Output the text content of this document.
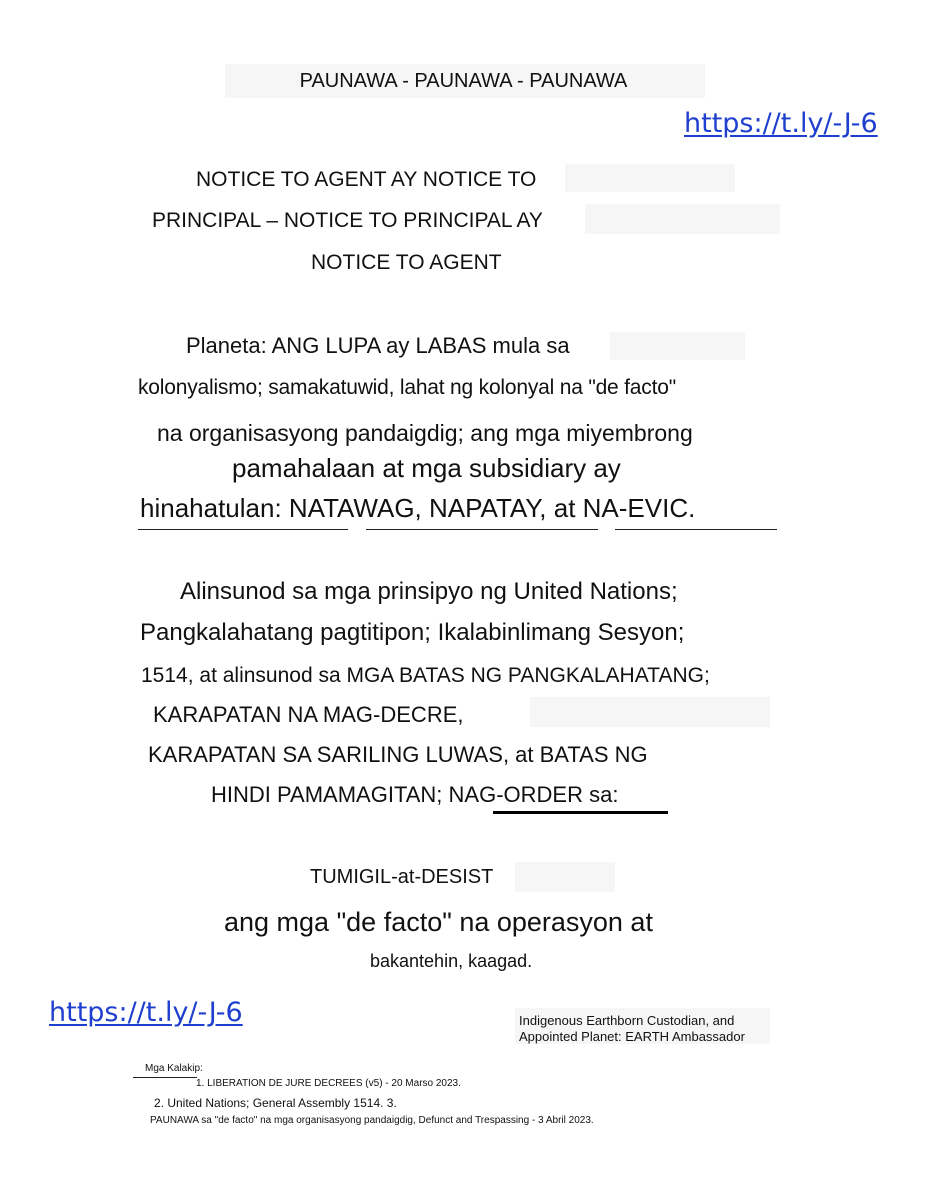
PAUNAWA - PAUNAWA - PAUNAWA
https://t.ly/-J-6
NOTICE TO AGENT AY NOTICE TO
PRINCIPAL – NOTICE TO PRINCIPAL AY
NOTICE TO AGENT
Planeta: ANG LUPA ay LABAS mula sa
kolonyalismo; samakatuwid, lahat ng kolonyal na "de facto"
na organisasyong pandaigdig; ang mga miyembrong
pamahalaan at mga subsidiary ay
hinahatulan: NATAWAG, NAPATAY, at NA-EVIC.
Alinsunod sa mga prinsipyo ng United Nations;
Pangkalahatang pagtitipon; Ikalabinlimang Sesyon;
1514, at alinsunod sa MGA BATAS NG PANGKALAHATANG;
KARAPATAN NA MAG-DECRE,
KARAPATAN SA SARILING LUWAS, at BATAS NG
HINDI PAMAMAGITAN; NAG-ORDER sa:
TUMIGIL-at-DESIST
ang mga "de facto" na operasyon at
bakantehin, kaagad.
https://t.ly/-J-6	Indigenous Earthborn Custodian, and
Appointed Planet: EARTH Ambassador
Mga Kalakip:
1. LIBERATION DE JURE DECREES (v5) - 20 Marso 2023.
2. United Nations; General Assembly 1514. 3.
PAUNAWA sa "de facto" na mga organisasyong pandaigdig, Defunct and Trespassing - 3 Abril 2023.
